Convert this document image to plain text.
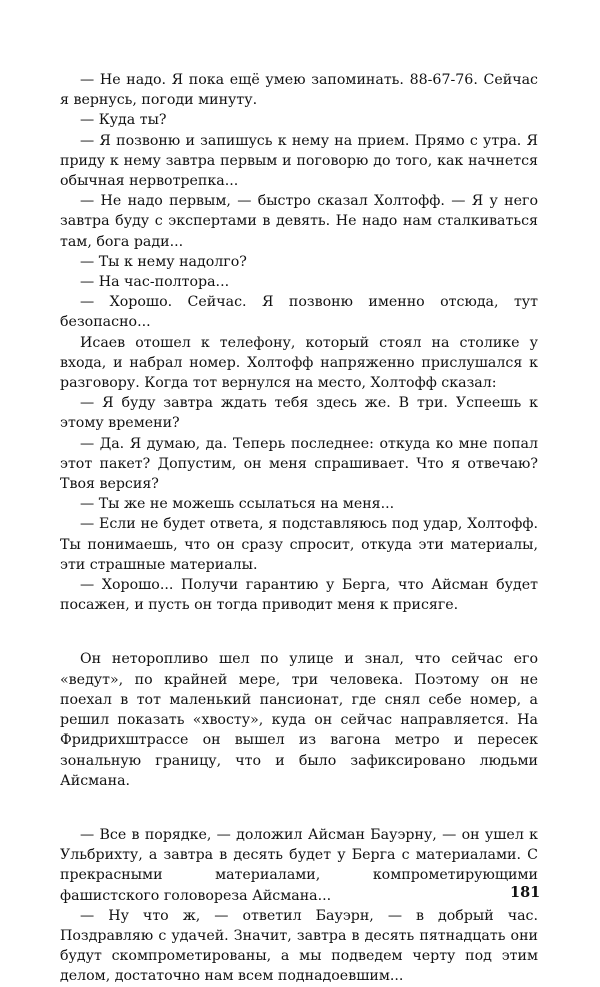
— Не надо. Я пока ещё умею запоминать. 88-67-76. Сейчас я вернусь, погоди минуту.

— Куда ты?

— Я позвоню и запишусь к нему на прием. Прямо с утра. Я приду к нему завтра первым и поговорю до того, как начнется обычная нервотрепка...

— Не надо первым, — быстро сказал Холтофф. — Я у него завтра буду с экспертами в девять. Не надо нам сталкиваться там, бога ради...

— Ты к нему надолго?

— На час-полтора...

— Хорошо. Сейчас. Я позвоню именно отсюда, тут безопасно...

Исаев отошел к телефону, который стоял на столике у входа, и набрал номер. Холтофф напряженно прислушался к разговору. Когда тот вернулся на место, Холтофф сказал:

— Я буду завтра ждать тебя здесь же. В три. Успеешь к этому времени?

— Да. Я думаю, да. Теперь последнее: откуда ко мне попал этот пакет? Допустим, он меня спрашивает. Что я отвечаю? Твоя версия?

— Ты же не можешь ссылаться на меня...

— Если не будет ответа, я подставляюсь под удар, Холтофф. Ты понимаешь, что он сразу спросит, откуда эти материалы, эти страшные материалы.

— Хорошо... Получи гарантию у Берга, что Айсман будет посажен, и пусть он тогда приводит меня к присяге.

Он неторопливо шел по улице и знал, что сейчас его «ведут», по крайней мере, три человека. Поэтому он не поехал в тот маленький пансионат, где снял себе номер, а решил показать «хвосту», куда он сейчас направляется. На Фридрихштрассе он вышел из вагона метро и пересек зональную границу, что и было зафиксировано людьми Айсмана.

— Все в порядке, — доложил Айсман Бауэрну, — он ушел к Ульбрихту, а завтра в десять будет у Берга с материалами. С прекрасными материалами, компрометирующими фашистского головореза Айсмана...

— Ну что ж, — ответил Бауэрн, — в добрый час. Поздравляю с удачей. Значит, завтра в десять пятнадцать они будут скомпрометированы, а мы подведем черту под этим делом, достаточно нам всем поднадоевшим...

181
